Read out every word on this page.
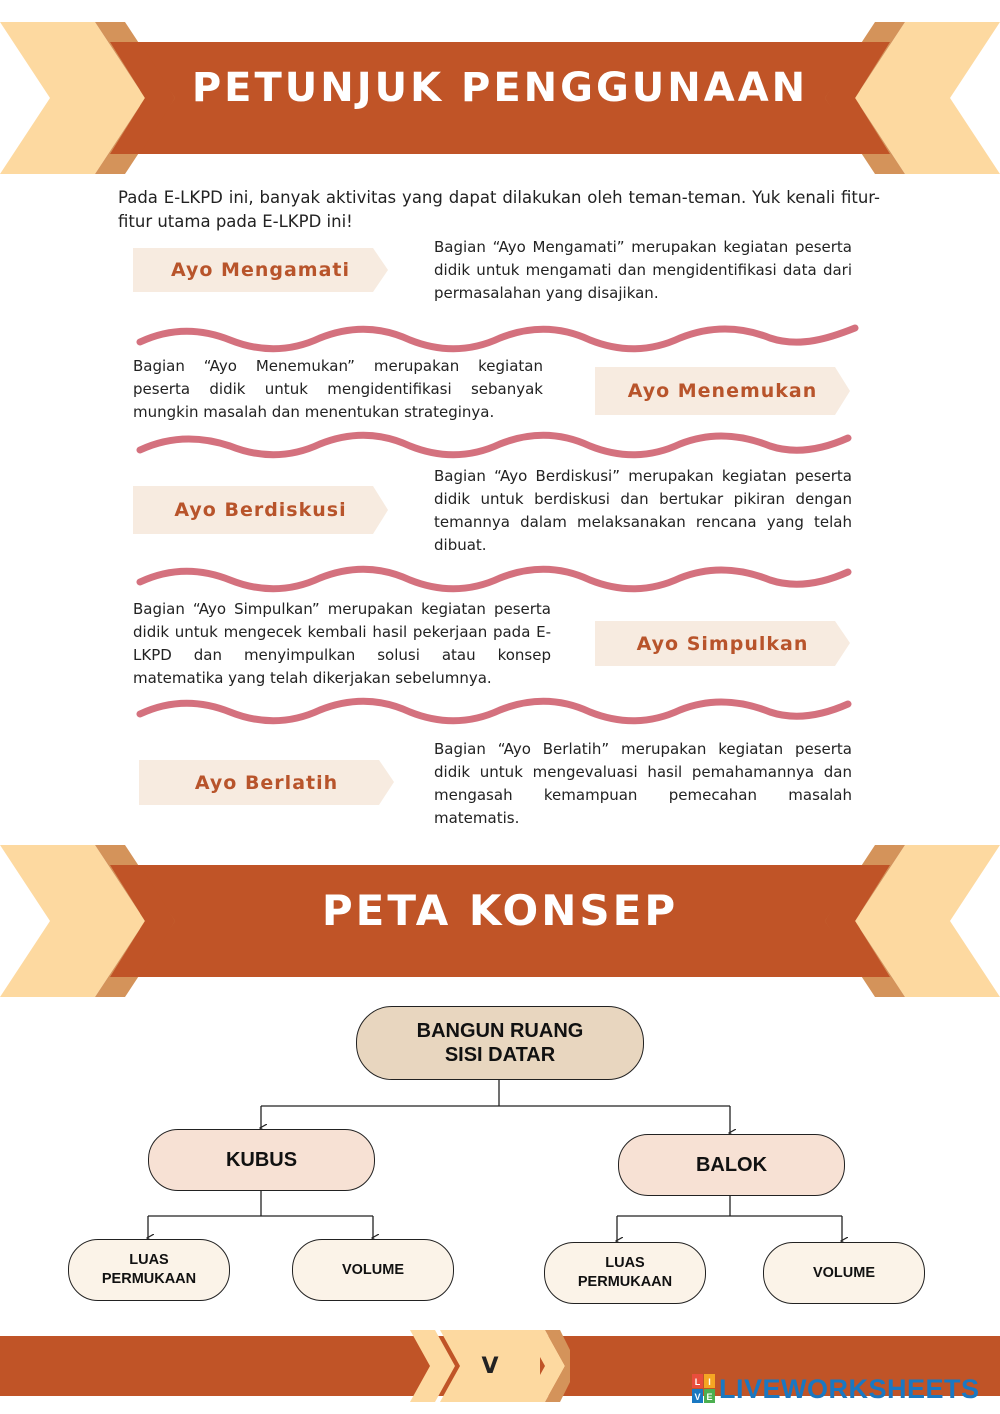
PETUNJUK PENGGUNAAN
Pada E-LKPD ini, banyak aktivitas yang dapat dilakukan oleh teman-teman. Yuk kenali fitur-fitur utama pada E-LKPD ini!
Ayo Mengamati
Bagian “Ayo Mengamati” merupakan kegiatan peserta didik untuk mengamati dan mengidentifikasi data dari permasalahan yang disajikan.
Bagian “Ayo Menemukan” merupakan kegiatan peserta didik untuk mengidentifikasi sebanyak mungkin masalah dan menentukan strateginya.
Ayo Menemukan
Ayo Berdiskusi
Bagian “Ayo Berdiskusi” merupakan kegiatan peserta didik untuk berdiskusi dan bertukar pikiran dengan temannya dalam melaksanakan rencana yang telah dibuat.
Bagian “Ayo Simpulkan” merupakan kegiatan peserta didik untuk mengecek kembali hasil pekerjaan pada E-LKPD dan menyimpulkan solusi atau konsep matematika yang telah dikerjakan sebelumnya.
Ayo Simpulkan
Ayo Berlatih
Bagian “Ayo Berlatih” merupakan kegiatan peserta didik untuk mengevaluasi hasil pemahamannya dan mengasah kemampuan pemecahan masalah matematis.
PETA KONSEP
BANGUN RUANG SISI DATAR
KUBUS	BALOK
LUAS PERMUKAAN
VOLUME	LUAS PERMUKAAN
VOLUME
V
L I
V E LIVEWORKSHEETS
